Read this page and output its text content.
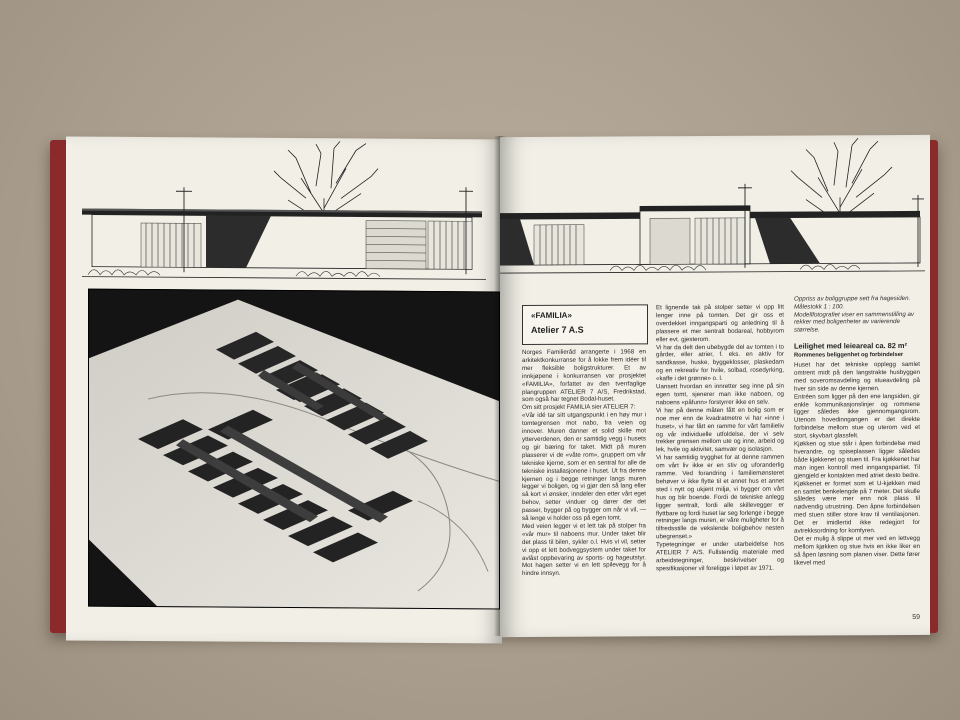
«FAMILIA»
Atelier 7 A.S
Norges Familieråd arrangerte i 1968 en arkitektkonkurranse for å lokke frem idéer til mer fleksible boligstrukturer. Et av innkjøpene i konkurransen var prosjektet «FAMILIA», forfattet av den tverrfaglige plangruppen ATELIER 7 A/S, Fredrikstad, som også har tegnet Bodal-huset.
Om sitt prosjekt FAMILIA sier ATELIER 7:
«Vår idé tar sitt utgangspunkt i en høy mur i tomtegrensen mot nabo, fra veien og innover. Muren danner et solid skille mot ytterverdenen, den er samtidig vegg i husets og gir bæring for taket. Midt på muren plasserer vi de «våte rom», gruppert om vår tekniske kjerne, som er en sentral for alle de tekniske installasjonene i huset. Ut fra denne kjernen og i begge retninger langs muren legger vi boligen, og vi gjør den så lang eller så kort vi ønsker, inndeler den etter vårt eget behov, setter vinduer og dører der det passer, bygger på og bygger om når vi vil, — så lenge vi holder oss på egen tomt.
Med veien legger vi et lett tak på stolper fra «vår mur» til naboens mur. Under taket blir det plass til bilen, sykler o.l. Hvis vi vil, setter vi opp et lett bodveggsystem under taket for avlåst oppbevaring av sports- og hageutstyr. Mot hagen setter vi en lett spilevegg for å hindre innsyn.
Et lignende tak på stolper setter vi opp litt lenger inne på tomten. Det gir oss et overdekket inngangsparti og anledning til å plassere et mer sentralt bodareal, hobbyrom eller evt. gjesterom.
Vi har da delt den ubebygde del av tomten i to gårder, eller atrier, f. eks. en aktiv for sandkasse, huske, byggeklosser, plaskedam og en rekreativ for hvile, solbad, rosedyrking, «kaffe i det grønne» o. l.
Uansett hvordan en innretter seg inne på sin egen tomt, sjenerer man ikke naboen, og naboens «påfunn» forstyrrer ikke en selv.
Vi har på denne måten fått en bolig som er noe mer enn de kvadratmetre vi har «inne i huset», vi har fått en ramme for vårt familieliv og vår individuelle utfoldelse, der vi selv trekker grensen mellom ute og inne, arbeid og lek, hvile og aktivitet, samvær og isolasjon.
Vi har samtidig trygghet for at denne rammen om vårt liv ikke er en stiv og uforanderlig ramme. Ved forandring i familiemønsteret behøver vi ikke flytte til et annet hus et annet sted i nytt og ukjent miljø, vi bygger om vårt hus og blir boende. Fordi de tekniske anlegg ligger sentralt, fordi alle skillevegger er flyttbare og fordi huset lar seg forlenge i begge retninger langs muren, er våre muligheter for å tilfredsstille de vekslende boligbehov nesten ubegrenset.»
Typetegninger er under utarbeidelse hos ATELIER 7 A/S. Fullstendig materiale med arbeidstegninger, beskrivelser og spesifikasjoner vil foreligge i løpet av 1971.
Oppriss av boliggruppe sett fra hagesiden. Målestokk 1 : 100.
Modellfotografiet viser en sammenstilling av rekker med boligenheter av varierende størrelse.
Leilighet med leieareal ca. 82 m²
Rommenes beliggenhet og forbindelser
Huset har det tekniske opplegg samlet omtrent midt på den langstrakte husbyggen med soveromsavdeling og stueavdeling på hver sin side av denne kjernen.
Entréen som ligger på den ene langsiden, gir enkle kommunikasjonslinjer og rommene ligger således ikke gjennomgangsrom. Utenom hovedinngangen er det direkte forbindelse mellom stue og uterom ved et stort, skyvbart glassfelt.
Kjøkken og stue står i åpen forbindelse med hverandre, og spiseplassen ligger således både kjøkkenet og stuen til. Fra kjøkkenet har man ingen kontroll med inngangspartiet. Til gjengjeld er kontakten med atriet desto bedre.
Kjøkkenet er formet som et U-kjøkken med en samlet benkelengde på 7 meter. Det skulle således være mer enn nok plass til nødvendig utrustning. Den åpne forbindelsen med stuen stiller store krav til ventilasjonen. Det er imidlertid ikke redegjort for avtrekksordning for komfyren.
Det er mulig å slippe ut mer ved en lettvegg mellom kjøkken og stue hvis en ikke liker en så åpen løsning som planen viser. Dette fører likevel med
59
